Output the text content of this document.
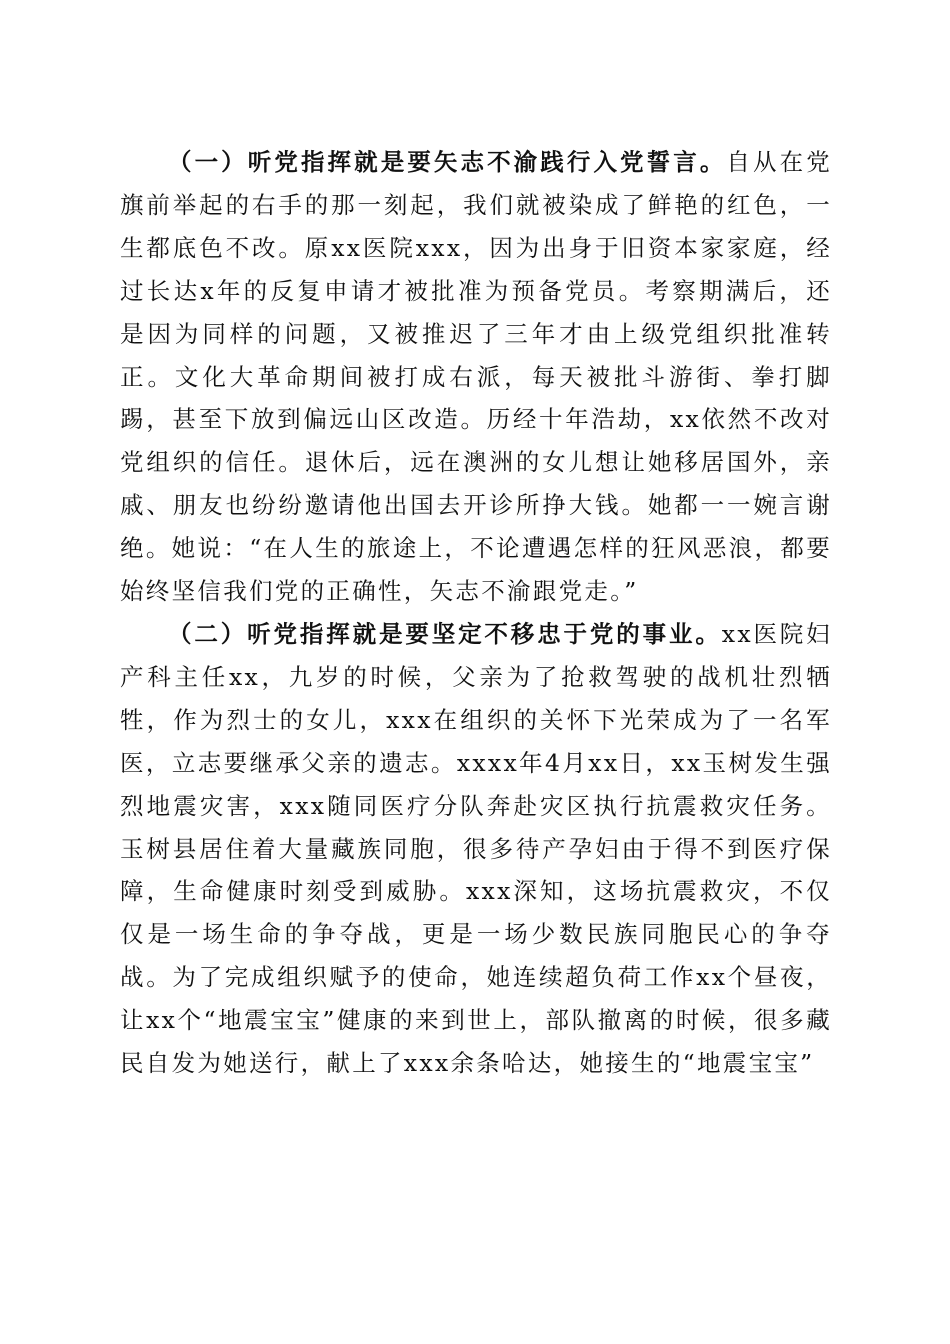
（一）听党指挥就是要矢志不渝践行入党誓言。自从在党旗前举起的右手的那一刻起，我们就被染成了鲜艳的红色，一生都底色不改。原xx医院xxx，因为出身于旧资本家家庭，经过长达x年的反复申请才被批准为预备党员。考察期满后，还是因为同样的问题，又被推迟了三年才由上级党组织批准转正。文化大革命期间被打成右派，每天被批斗游街、拳打脚踢，甚至下放到偏远山区改造。历经十年浩劫，xx依然不改对党组织的信任。退休后，远在澳洲的女儿想让她移居国外，亲戚、朋友也纷纷邀请他出国去开诊所挣大钱。她都一一婉言谢绝。她说：“在人生的旅途上，不论遭遇怎样的狂风恶浪，都要始终坚信我们党的正确性，矢志不渝跟党走。”

（二）听党指挥就是要坚定不移忠于党的事业。xx医院妇产科主任xx，九岁的时候，父亲为了抢救驾驶的战机壮烈牺牲，作为烈士的女儿，xxx在组织的关怀下光荣成为了一名军医，立志要继承父亲的遗志。xxxx年4月xx日，xx玉树发生强烈地震灾害，xxx随同医疗分队奔赴灾区执行抗震救灾任务。玉树县居住着大量藏族同胞，很多待产孕妇由于得不到医疗保障，生命健康时刻受到威胁。xxx深知，这场抗震救灾，不仅仅是一场生命的争夺战，更是一场少数民族同胞民心的争夺战。为了完成组织赋予的使命，她连续超负荷工作xx个昼夜，让xx个“地震宝宝”健康的来到世上，部队撤离的时候，很多藏民自发为她送行，献上了xxx余条哈达，她接生的“地震宝宝”
